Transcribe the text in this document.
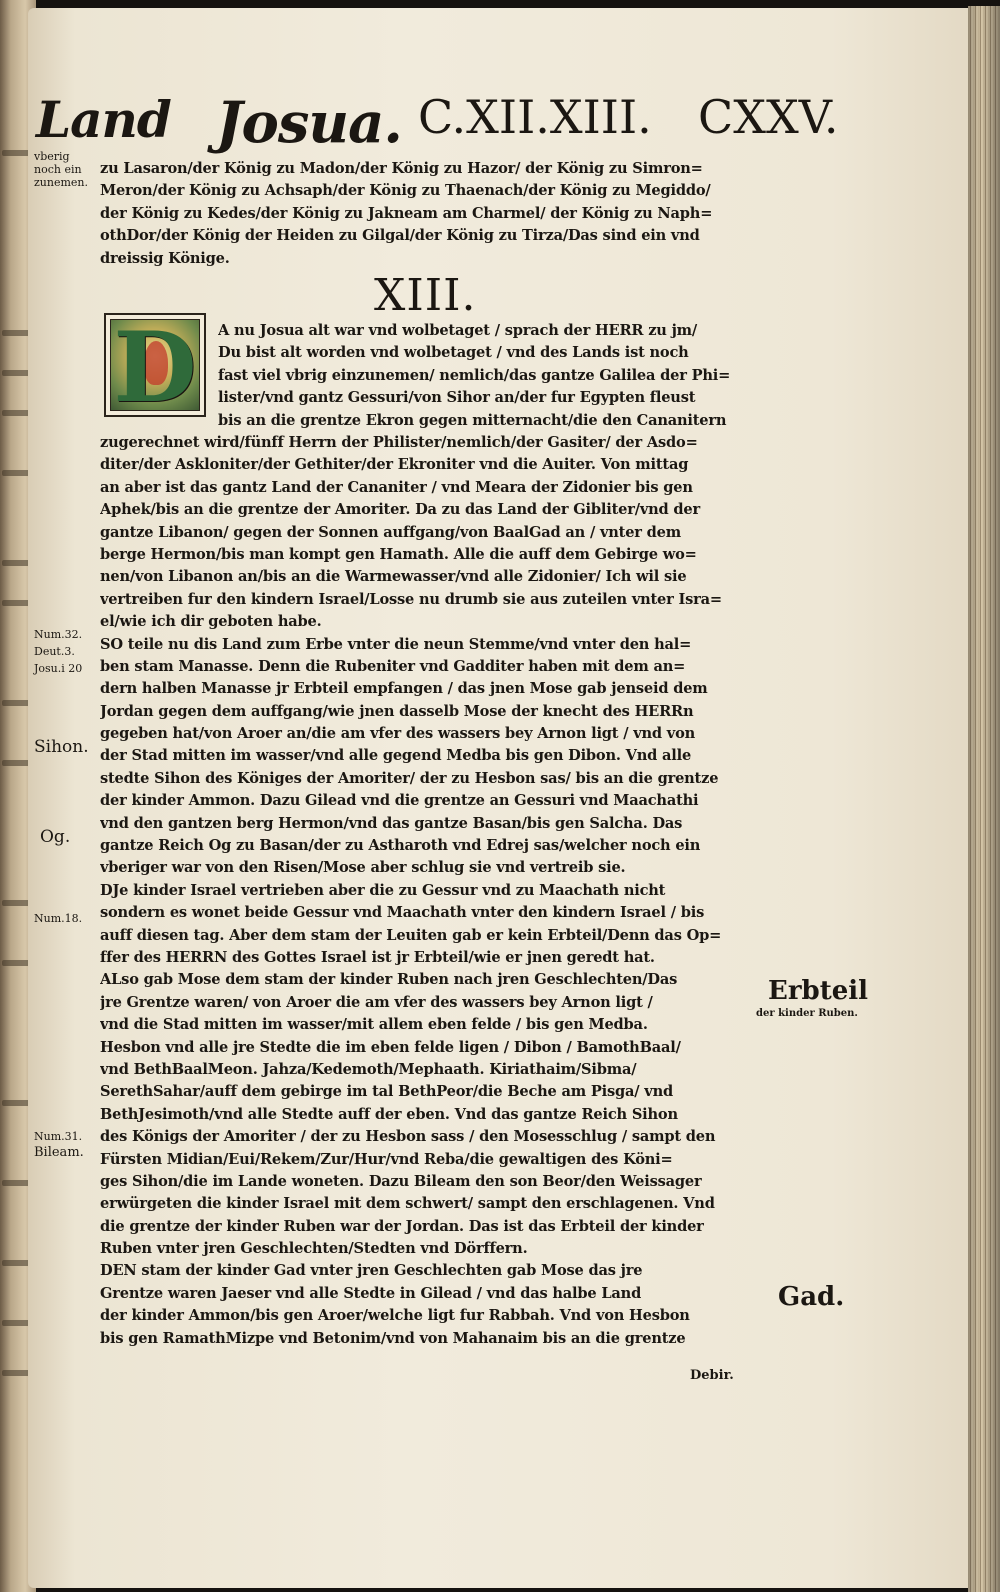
Land Josua. C.XII.XIII. CXXV.
vberig
noch ein
zunemen.
zu Lasaron/der König zu Madon/der König zu Hazor/ der König zu Simron=
Meron/der König zu Achsaph/der König zu Thaenach/der König zu Megiddo/
der König zu Kedes/der König zu Jakneam am Charmel/ der König zu Naph=
othDor/der König der Heiden zu Gilgal/der König zu Tirza/Das sind ein vnd
dreissig Könige.
XIII.
D	A nu Josua alt war vnd wolbetaget / sprach der HERR zu jm/
Du bist alt worden vnd wolbetaget / vnd des Lands ist noch
fast viel vbrig einzunemen/ nemlich/das gantze Galilea der Phi=
lister/vnd gantz Gessuri/von Sihor an/der fur Egypten fleust
bis an die grentze Ekron gegen mitternacht/die den Cananitern
zugerechnet wird/fünff Herrn der Philister/nemlich/der Gasiter/ der Asdo=
diter/der Askloniter/der Gethiter/der Ekroniter vnd die Auiter. Von mittag
an aber ist das gantz Land der Cananiter / vnd Meara der Zidonier bis gen
Aphek/bis an die grentze der Amoriter. Da zu das Land der Gibliter/vnd der
gantze Libanon/ gegen der Sonnen auffgang/von BaalGad an / vnter dem
berge Hermon/bis man kompt gen Hamath. Alle die auff dem Gebirge wo=
nen/von Libanon an/bis an die Warmewasser/vnd alle Zidonier/ Ich wil sie
vertreiben fur den kindern Israel/Losse nu drumb sie aus zuteilen vnter Isra=
el/wie ich dir geboten habe.
SO teile nu dis Land zum Erbe vnter die neun Stemme/vnd vnter den hal=
ben stam Manasse. Denn die Rubeniter vnd Gadditer haben mit dem an=
dern halben Manasse jr Erbteil empfangen / das jnen Mose gab jenseid dem
Jordan gegen dem auffgang/wie jnen dasselb Mose der knecht des HERRn
gegeben hat/von Aroer an/die am vfer des wassers bey Arnon ligt / vnd von
der Stad mitten im wasser/vnd alle gegend Medba bis gen Dibon. Vnd alle
stedte Sihon des Königes der Amoriter/ der zu Hesbon sas/ bis an die grentze
der kinder Ammon. Dazu Gilead vnd die grentze an Gessuri vnd Maachathi
vnd den gantzen berg Hermon/vnd das gantze Basan/bis gen Salcha. Das
gantze Reich Og zu Basan/der zu Astharoth vnd Edrej sas/welcher noch ein
vberiger war von den Risen/Mose aber schlug sie vnd vertreib sie.
DJe kinder Israel vertrieben aber die zu Gessur vnd zu Maachath nicht
sondern es wonet beide Gessur vnd Maachath vnter den kindern Israel / bis
auff diesen tag. Aber dem stam der Leuiten gab er kein Erbteil/Denn das Op=
ffer des HERRN des Gottes Israel ist jr Erbteil/wie er jnen geredt hat.
ALso gab Mose dem stam der kinder Ruben nach jren Geschlechten/Das
jre Grentze waren/ von Aroer die am vfer des wassers bey Arnon ligt /
vnd die Stad mitten im wasser/mit allem eben felde / bis gen Medba.
Hesbon vnd alle jre Stedte die im eben felde ligen / Dibon / BamothBaal/
vnd BethBaalMeon. Jahza/Kedemoth/Mephaath. Kiriathaim/Sibma/
SerethSahar/auff dem gebirge im tal BethPeor/die Beche am Pisga/ vnd
BethJesimoth/vnd alle Stedte auff der eben. Vnd das gantze Reich Sihon
des Königs der Amoriter / der zu Hesbon sass / den Mosesschlug / sampt den
Fürsten Midian/Eui/Rekem/Zur/Hur/vnd Reba/die gewaltigen des Köni=
ges Sihon/die im Lande woneten. Dazu Bileam den son Beor/den Weissager
erwürgeten die kinder Israel mit dem schwert/ sampt den erschlagenen. Vnd
die grentze der kinder Ruben war der Jordan. Das ist das Erbteil der kinder
Ruben vnter jren Geschlechten/Stedten vnd Dörffern.
DEN stam der kinder Gad vnter jren Geschlechten gab Mose das jre
Grentze waren Jaeser vnd alle Stedte in Gilead / vnd das halbe Land
der kinder Ammon/bis gen Aroer/welche ligt fur Rabbah. Vnd von Hesbon
bis gen RamathMizpe vnd Betonim/vnd von Mahanaim bis an die grentze
Debir.
Num.32.
Deut.3.
Josu.i 20
Sihon.
Og.
Num.18.
Num.31.
Bileam.
Erbteil
der kinder Ruben.
Gad.
